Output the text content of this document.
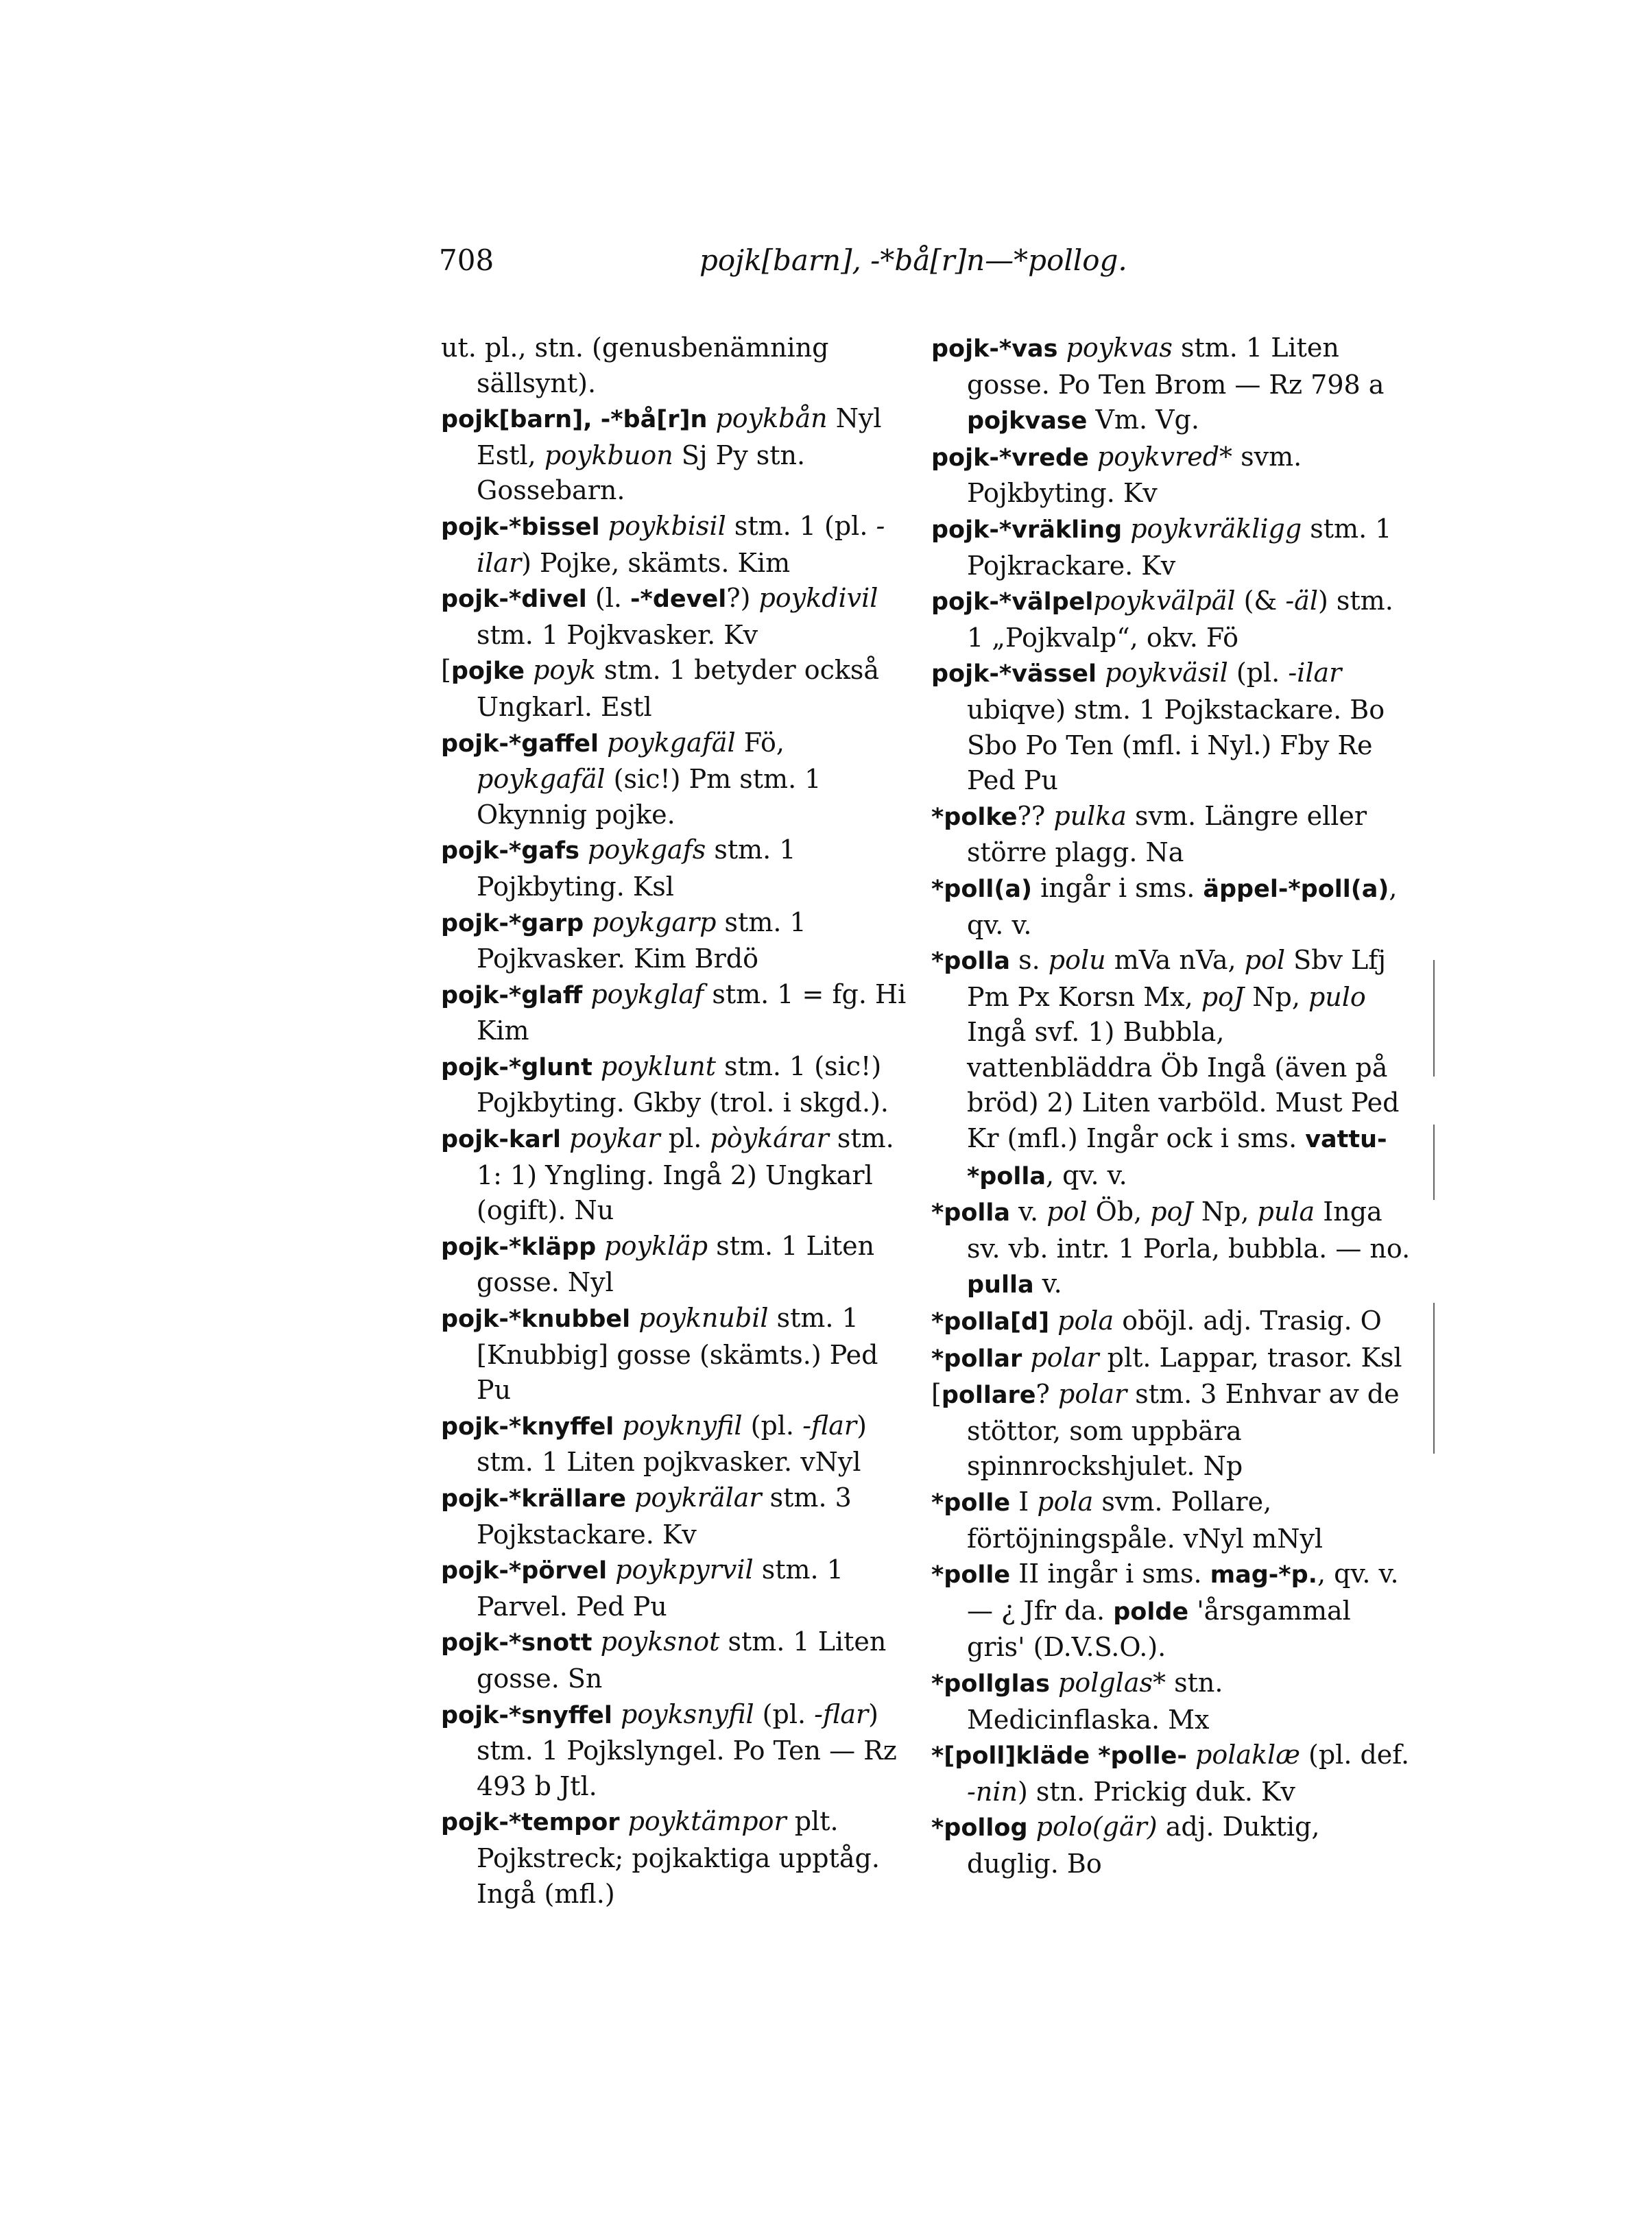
708	pojk[barn], -*bå[r]n—*pollog.

ut. pl., stn. (genusbenämning sällsynt).

pojk[barn], -*bå[r]n poykbån Nyl Estl, poykbuon Sj Py stn. Gossebarn.

pojk-*bissel poykbisil stm. 1 (pl. -ilar) Pojke, skämts. Kim

pojk-*divel (l. -*devel?) poykdivil stm. 1 Pojkvasker. Kv

[pojke poyk stm. 1 betyder också Ungkarl. Estl

pojk-*gaffel poykgafäl Fö, poykgafäl (sic!) Pm stm. 1 Okynnig pojke.

pojk-*gafs poykgafs stm. 1 Pojkbyting. Ksl

pojk-*garp poykgarp stm. 1 Pojkvasker. Kim Brdö

pojk-*glaff poykglaf stm. 1 = fg. Hi Kim

pojk-*glunt poyklunt stm. 1 (sic!) Pojkbyting. Gkby (trol. i skgd.).

pojk-karl poykar pl. pòykárar stm. 1: 1) Yngling. Ingå 2) Ungkarl (ogift). Nu

pojk-*kläpp poykläp stm. 1 Liten gosse. Nyl

pojk-*knubbel poyknubil stm. 1 [Knubbig] gosse (skämts.) Ped Pu

pojk-*knyffel poyknyfil (pl. -flar) stm. 1 Liten pojkvasker. vNyl

pojk-*krällare poykrälar stm. 3 Pojkstackare. Kv

pojk-*pörvel poykpyrvil stm. 1 Parvel. Ped Pu

pojk-*snott poyksnot stm. 1 Liten gosse. Sn

pojk-*snyffel poyksnyfil (pl. -flar) stm. 1 Pojkslyngel. Po Ten — Rz 493 b Jtl.

pojk-*tempor poyktämpor plt. Pojkstreck; pojkaktiga upptåg. Ingå (mfl.)

pojk-*vas poykvas stm. 1 Liten gosse. Po Ten Brom — Rz 798 a pojkvase Vm. Vg.

pojk-*vrede poykvred* svm. Pojkbyting. Kv

pojk-*vräkling poykvräkligg stm. 1 Pojkrackare. Kv

pojk-*välpelpoykvälpäl (& -äl) stm. 1 „Pojkvalp“, okv. Fö

pojk-*vässel poykväsil (pl. -ilar ubiqve) stm. 1 Pojkstackare. Bo Sbo Po Ten (mfl. i Nyl.) Fby Re Ped Pu

*polke?? pulka svm. Längre eller större plagg. Na

*poll(a) ingår i sms. äppel-*poll(a), qv. v.

*polla s. polu mVa nVa, pol Sbv Lfj Pm Px Korsn Mx, poJ Np, pulo Ingå svf. 1) Bubbla, vattenbläddra Öb Ingå (även på bröd) 2) Liten varböld. Must Ped Kr (mfl.) Ingår ock i sms. vattu-*polla, qv. v.

*polla v. pol Öb, poJ Np, pula Inga sv. vb. intr. 1 Porla, bubbla. — no. pulla v.

*polla[d] pola oböjl. adj. Trasig. O

*pollar polar plt. Lappar, trasor. Ksl

[pollare? polar stm. 3 Enhvar av de stöttor, som uppbära spinnrockshjulet. Np

*polle I pola svm. Pollare, förtöjningspåle. vNyl mNyl

*polle II ingår i sms. mag-*p., qv. v. — ¿ Jfr da. polde 'årsgammal gris' (D.V.S.O.).

*pollglas polglas* stn. Medicinflaska. Mx

*[poll]kläde *polle- polaklæ (pl. def. -nin) stn. Prickig duk. Kv

*pollog polo(gär) adj. Duktig, duglig. Bo
